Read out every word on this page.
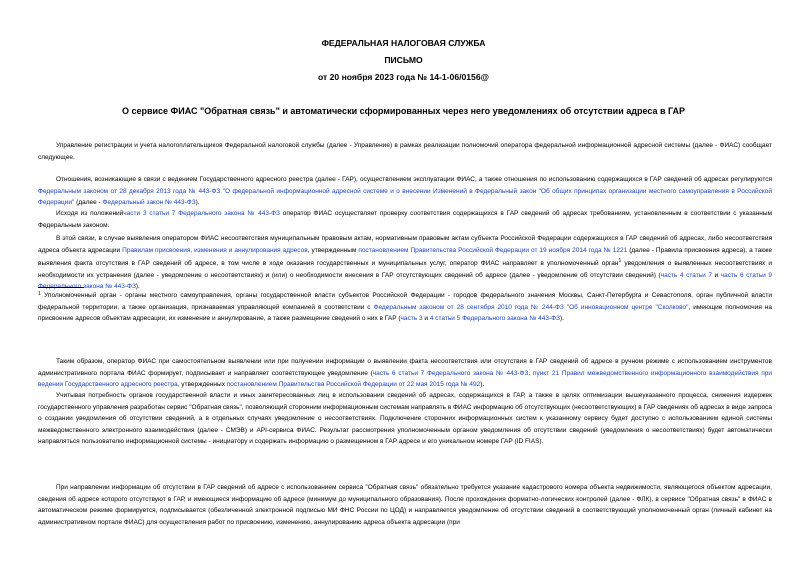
ФЕДЕРАЛЬНАЯ НАЛОГОВАЯ СЛУЖБА
ПИСЬМО
от 20 ноября 2023 года № 14-1-06/0156@
О сервисе ФИАС "Обратная связь" и автоматически сформированных через него уведомлениях об отсутствии адреса в ГАР

Управление регистрации и учета налогоплательщиков Федеральной налоговой службы (далее - Управление) в рамках реализации полномочий оператора федеральной информационной адресной системы (далее - ФИАС) сообщает следующее.

Отношения, возникающие в связи с ведением Государственного адресного реестра (далее - ГАР), осуществлением эксплуатации ФИАС, а также отношения по использованию содержащихся в ГАР сведений об адресах регулируются Федеральным законом от 28 декабря 2013 года № 443-ФЗ "О федеральной информационной адресной системе и о внесении Изменений в Федеральный закон "Об общих принципах организации местного самоуправления в Российской Федерации" (далее - Федеральный закон № 443-ФЗ).

Исходя из положенийчасти 3 статьи 7 Федерального закона № 443-ФЗ оператор ФИАС осуществляет проверку соответствия содержащихся в ГАР сведений об адресах требованиям, установленным в соответствии с указанным Федеральным законом.

В этой связи, в случае выявления оператором ФИАС несоответствия муниципальным правовым актам, нормативным правовым актам субъекта Российской Федерации содержащихся в ГАР сведений об адресах, либо несоответствия адреса объекта адресации Правилам присвоения, изменения и аннулирования адресов, утвержденным постановлением Правительства Российской Федерации от 19 ноября 2014 года № 1221 (далее - Правила присвоения адреса), а также выявления факта отсутствия в ГАР сведений об адресе, в том числе в ходе оказания государственных и муниципальных услуг, оператор ФИАС направляет в уполномоченный орган$^1$ уведомления о выявленных несоответствиях и необходимости их устранения (далее - уведомление о несоответствиях) и (или) о необходимости внесения в ГАР отсутствующих сведений об адресе (далее - уведомление об отсутствии сведений) (часть 4 статьи 7 и часть 6 статьи 9 Федерального закона № 443-ФЗ).

$^1$ Уполномоченный орган - органы местного самоуправления, органы государственной власти субъектов Российской Федерации - городов федерального значения Москвы, Санкт-Петербурга и Севастополя, орган публичной власти федеральной территории, а также организация, признаваемая управляющей компанией в соответствии с Федеральным законом от 28 сентября 2010 года № 244-ФЗ "Об инновационном центре "Сколково", имеющие полномочия на присвоение адресов объектам адресации, их изменение и аннулирование, а также размещение сведений о них в ГАР (часть 3 и 4 статьи 5 Федерального закона № 443-ФЗ).

Таким образом, оператор ФИАС при самостоятельном выявлении или при получении информации о выявлении факта несоответствия или отсутствия в ГАР сведений об адресе в ручном режиме с использованием инструментов административного портала ФИАС формирует, подписывает и направляет соответствующее уведомление (часть 6 статьи 7 Федерального закона № 443-ФЗ, пункт 21 Правил межведомственного информационного взаимодействия при ведении Государственного адресного реестра, утвержденных постановлением Правительства Российской Федерации от 22 мая 2015 года № 492).

Учитывая потребность органов государственной власти и иных заинтересованных лиц в использовании сведений об адресах, содержащихся в ГАР, а также в целях оптимизации вышеуказанного процесса, снижения издержек государственного управления разработан сервис "Обратная связь", позволяющий сторонним информационным системам направлять в ФИАС информацию об отсутствующих (несоответствующих) в ГАР сведениях об адресах в виде запроса о создании уведомления об отсутствии сведений, а в отдельных случаях уведомление о несоответствиях. Подключение сторонних информационных систем к указанному сервису будет доступно с использованием единой системы межведомственного электронного взаимодействия (далее - СМЭВ) и API-сервиса ФИАС. Результат рассмотрения уполномоченным органом уведомления об отсутствии сведений (уведомления о несоответствиях) будет автоматически направляться пользователю информационной системы - инициатору и содержать информацию о размещенном в ГАР адресе и его уникальном номере ГАР (ID FIAS).

При направлении информации об отсутствии в ГАР сведений об адресе с использованием сервиса "Обратная связь" обязательно требуется указание кадастрового номера объекта недвижимости, являющегося объектом адресации, сведения об адресе которого отсутствуют в ГАР, и имеющиеся информацию об адресе (минимум до муниципального образования). После прохождения форматно-логических контролей (далее - ФЛК), в сервисе "Обратная связь" в ФИАС в автоматическом режиме формируется, подписывается (обезличенной электронной подписью МИ ФНС России по ЦОД) и направляется уведомление об отсутствии сведений в соответствующий уполномоченный орган (личный кабинет на административном портале ФИАС) для осуществления работ по присвоению, изменению, аннулированию адреса объекта адресации (при
